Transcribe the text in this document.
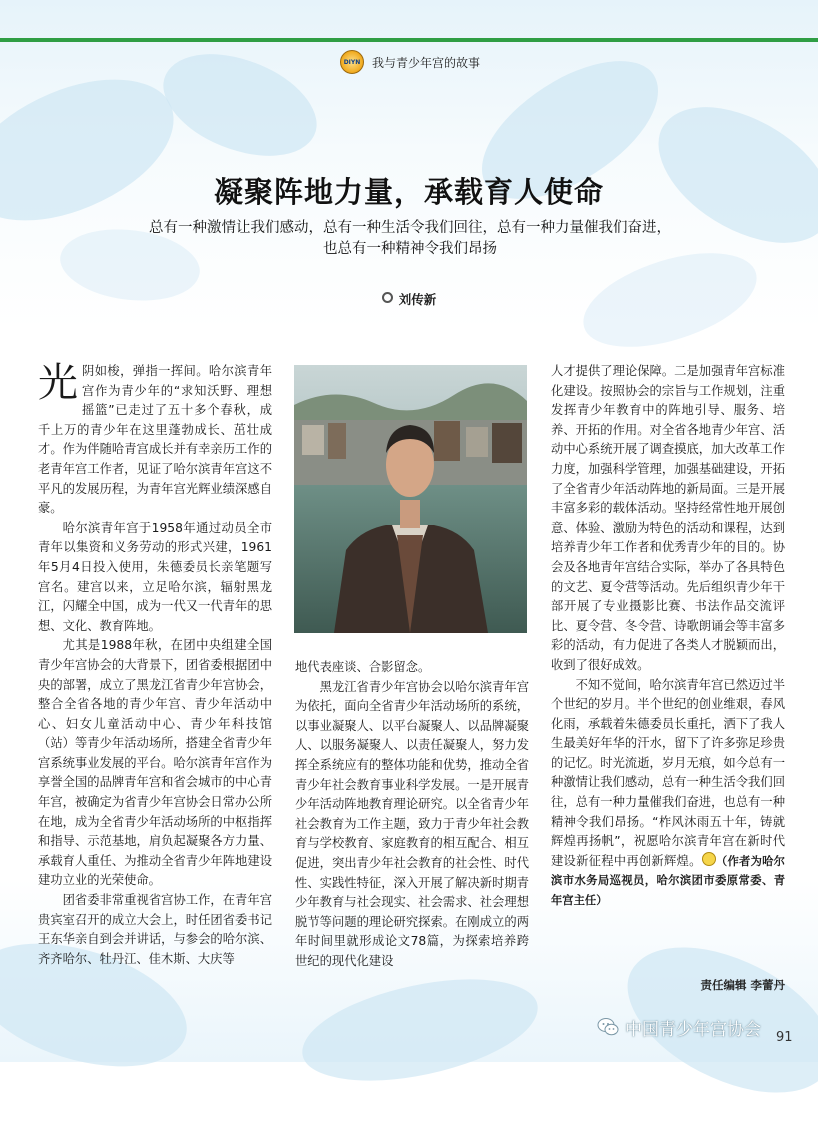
DIYN 我与青少年宫的故事
凝聚阵地力量，承载育人使命
总有一种激情让我们感动，总有一种生活令我们回往，总有一种力量催我们奋进，
也总有一种精神令我们昂扬
刘传新

光阴如梭，弹指一挥间。哈尔滨青年宫作为青少年的“求知沃野、理想摇篮”已走过了五十多个春秋，成千上万的青少年在这里蓬勃成长、茁壮成才。作为伴随哈青宫成长并有幸亲历工作的老青年宫工作者，见证了哈尔滨青年宫这不平凡的发展历程，为青年宫光辉业绩深感自豪。

哈尔滨青年宫于1958年通过动员全市青年以集资和义务劳动的形式兴建，1961年5月4日投入使用，朱德委员长亲笔题写宫名。建宫以来，立足哈尔滨，辐射黑龙江，闪耀全中国，成为一代又一代青年的思想、文化、教育阵地。

尤其是1988年秋，在团中央组建全国青少年宫协会的大背景下，团省委根据团中央的部署，成立了黑龙江省青少年宫协会，整合全省各地的青少年宫、青少年活动中心、妇女儿童活动中心、青少年科技馆（站）等青少年活动场所，搭建全省青少年宫系统事业发展的平台。哈尔滨青年宫作为享誉全国的品牌青年宫和省会城市的中心青年宫，被确定为省青少年宫协会日常办公所在地，成为全省青少年活动场所的中枢指挥和指导、示范基地，肩负起凝聚各方力量、承载育人重任、为推动全省青少年阵地建设建功立业的光荣使命。

团省委非常重视省宫协工作，在青年宫贵宾室召开的成立大会上，时任团省委书记王东华亲自到会并讲话，与参会的哈尔滨、齐齐哈尔、牡丹江、佳木斯、大庆等

地代表座谈、合影留念。

黑龙江省青少年宫协会以哈尔滨青年宫为依托，面向全省青少年活动场所的系统，以事业凝聚人、以平台凝聚人、以品牌凝聚人、以服务凝聚人、以责任凝聚人，努力发挥全系统应有的整体功能和优势，推动全省青少年社会教育事业科学发展。一是开展青少年活动阵地教育理论研究。以全省青少年社会教育为工作主题，致力于青少年社会教育与学校教育、家庭教育的相互配合、相互促进，突出青少年社会教育的社会性、时代性、实践性特征，深入开展了解决新时期青少年教育与社会现实、社会需求、社会理想脱节等问题的理论研究探索。在刚成立的两年时间里就形成论文78篇，为探索培养跨世纪的现代化建设

人才提供了理论保障。二是加强青年宫标准化建设。按照协会的宗旨与工作规划，注重发挥青少年教育中的阵地引导、服务、培养、开拓的作用。对全省各地青少年宫、活动中心系统开展了调查摸底，加大改革工作力度，加强科学管理，加强基础建设，开拓了全省青少年活动阵地的新局面。三是开展丰富多彩的载体活动。坚持经常性地开展创意、体验、激励为特色的活动和课程，达到培养青少年工作者和优秀青少年的目的。协会及各地青年宫结合实际，举办了各具特色的文艺、夏令营等活动。先后组织青少年干部开展了专业摄影比赛、书法作品交流评比、夏令营、冬令营、诗歌朗诵会等丰富多彩的活动，有力促进了各类人才脱颖而出，收到了很好成效。

不知不觉间，哈尔滨青年宫已然迈过半个世纪的岁月。半个世纪的创业维艰，春风化雨，承载着朱德委员长重托，洒下了我人生最美好年华的汗水，留下了许多弥足珍贵的记忆。时光流逝，岁月无痕，如今总有一种激情让我们感动，总有一种生活令我们回往，总有一种力量催我们奋进，也总有一种精神令我们昂扬。“柞风沐雨五十年，铸就辉煌再扬帆”，祝愿哈尔滨青年宫在新时代建设新征程中再创新辉煌。 （作者为哈尔滨市水务局巡视员，哈尔滨团市委原常委、青年宫主任）

责任编辑 李蕾丹
中国青少年宫协会 91
